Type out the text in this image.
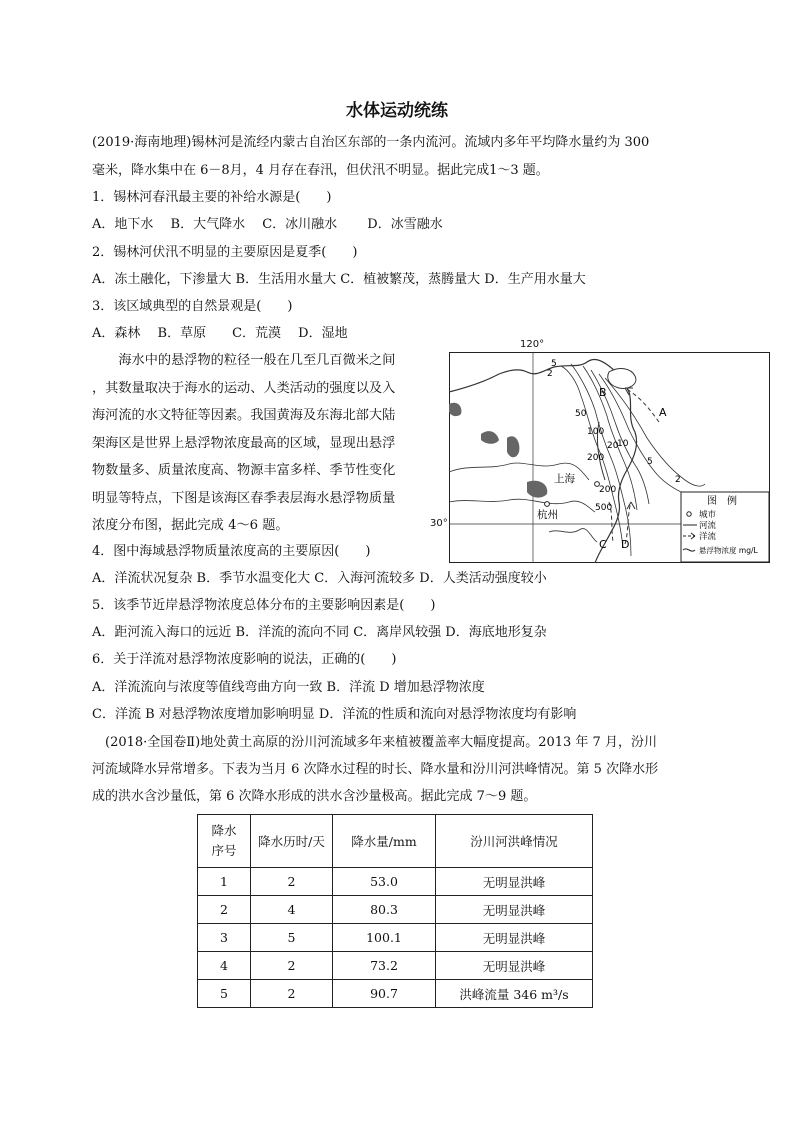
水体运动统练
(2019·海南地理)锡林河是流经内蒙古自治区东部的一条内流河。流域内多年平均降水量约为 300
毫米，降水集中在 6－8月，4 月存在春汛，但伏汛不明显。据此完成1～3 题。
1．锡林河春汛最主要的补给水源是(　　)
A．地下水　 B．大气降水　 C．冰川融水　　 D．冰雪融水
2．锡林河伏汛不明显的主要原因是夏季(　　)
A．冻土融化，下渗量大 B．生活用水量大 C．植被繁茂，蒸腾量大 D．生产用水量大
3．该区域典型的自然景观是(　　)
A．森林　 B．草原　　C．荒漠　 D．湿地
　　海水中的悬浮物的粒径一般在几至几百微米之间
，其数量取决于海水的运动、人类活动的强度以及入
海河流的水文特征等因素。我国黄海及东海北部大陆
架海区是世界上悬浮物浓度最高的区域，显现出悬浮
物数量多、质量浓度高、物源丰富多样、季节性变化
明显等特点，下图是该海区春季表层海水悬浮物质量
浓度分布图，据此完成 4～6 题。
上海
杭州
A
B
C D
2
5
50
100
20
10
5
2
200
200
500
图　例
城市
河流
洋流
悬浮物浓度 mg/L
120°
30°
4．图中海域悬浮物质量浓度高的主要原因(　　)
A．洋流状况复杂 B．季节水温变化大 C．入海河流较多 D．人类活动强度较小
5．该季节近岸悬浮物浓度总体分布的主要影响因素是(　　)
A．距河流入海口的远近 B．洋流的流向不同 C．离岸风较强 D．海底地形复杂
6．关于洋流对悬浮物浓度影响的说法，正确的(　　)
A．洋流流向与浓度等值线弯曲方向一致 B．洋流 D 增加悬浮物浓度
C．洋流 B 对悬浮物浓度增加影响明显 D．洋流的性质和流向对悬浮物浓度均有影响
　(2018·全国卷Ⅱ)地处黄土高原的汾川河流域多年来植被覆盖率大幅度提高。2013 年 7 月，汾川
河流域降水异常增多。下表为当月 6 次降水过程的时长、降水量和汾川河洪峰情况。第 5 次降水形
成的洪水含沙量低，第 6 次降水形成的洪水含沙量极高。据此完成 7～9 题。
降水
序号	降水历时/天	降水量/mm	汾川河洪峰情况
1	2	53.0	无明显洪峰
2	4	80.3	无明显洪峰
3	5	100.1	无明显洪峰
4	2	73.2	无明显洪峰
5	2	90.7	洪峰流量 346 m³/s
